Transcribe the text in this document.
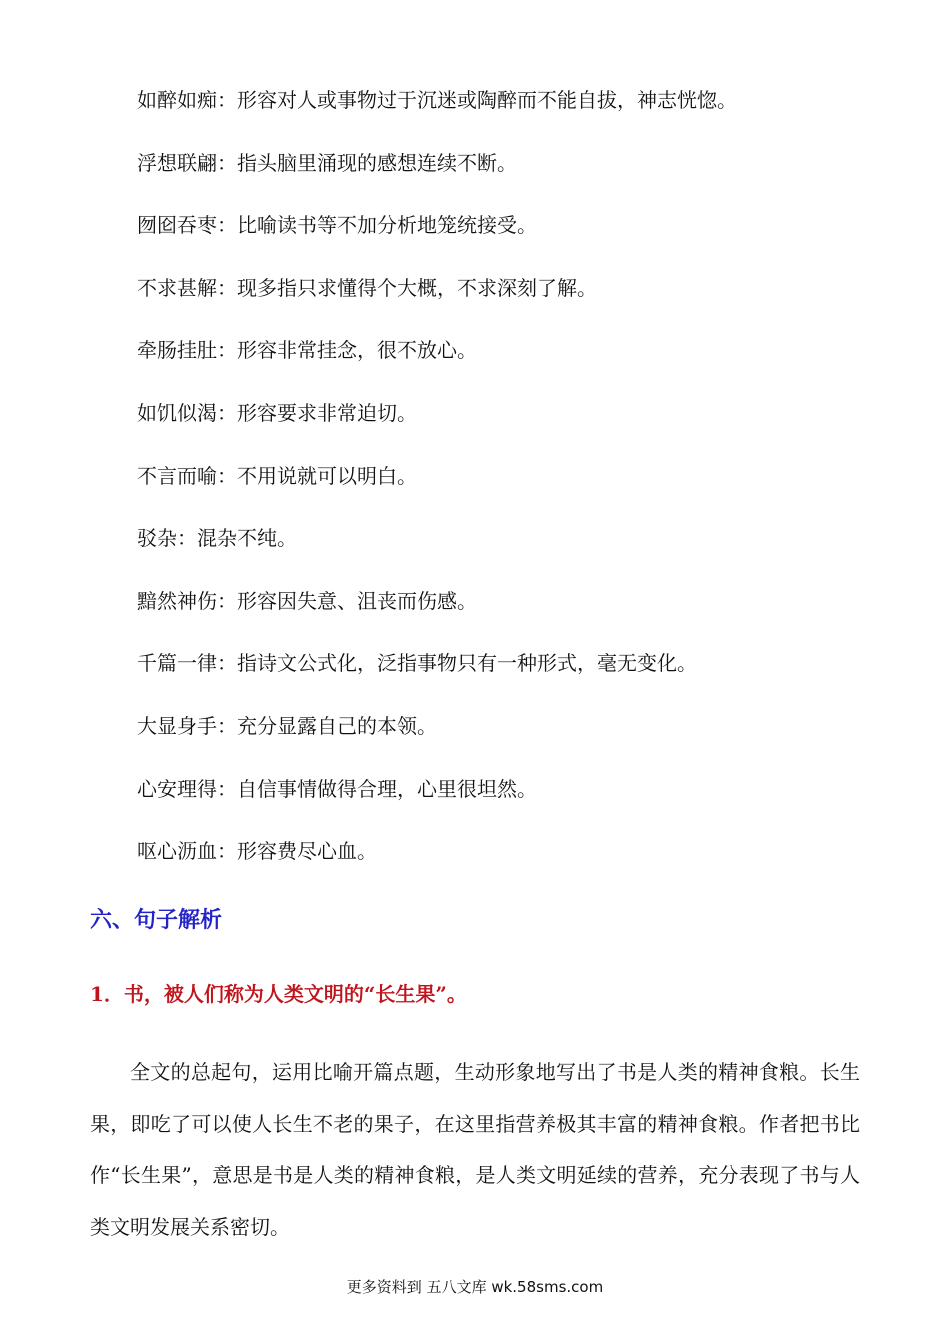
如醉如痴：形容对人或事物过于沉迷或陶醉而不能自拔，神志恍惚。
浮想联翩：指头脑里涌现的感想连续不断。
囫囵吞枣：比喻读书等不加分析地笼统接受。
不求甚解：现多指只求懂得个大概，不求深刻了解。
牵肠挂肚：形容非常挂念，很不放心。
如饥似渴：形容要求非常迫切。
不言而喻：不用说就可以明白。
驳杂：混杂不纯。
黯然神伤：形容因失意、沮丧而伤感。
千篇一律：指诗文公式化，泛指事物只有一种形式，毫无变化。
大显身手：充分显露自己的本领。
心安理得：自信事情做得合理，心里很坦然。
呕心沥血：形容费尽心血。
六、句子解析
1．书，被人们称为人类文明的“长生果”。

全文的总起句，运用比喻开篇点题，生动形象地写出了书是人类的精神食粮。长生果，即吃了可以使人长生不老的果子，在这里指营养极其丰富的精神食粮。作者把书比作“长生果”，意思是书是人类的精神食粮，是人类文明延续的营养，充分表现了书与人类文明发展关系密切。

更多资料到 五八文库 wk.58sms.com
